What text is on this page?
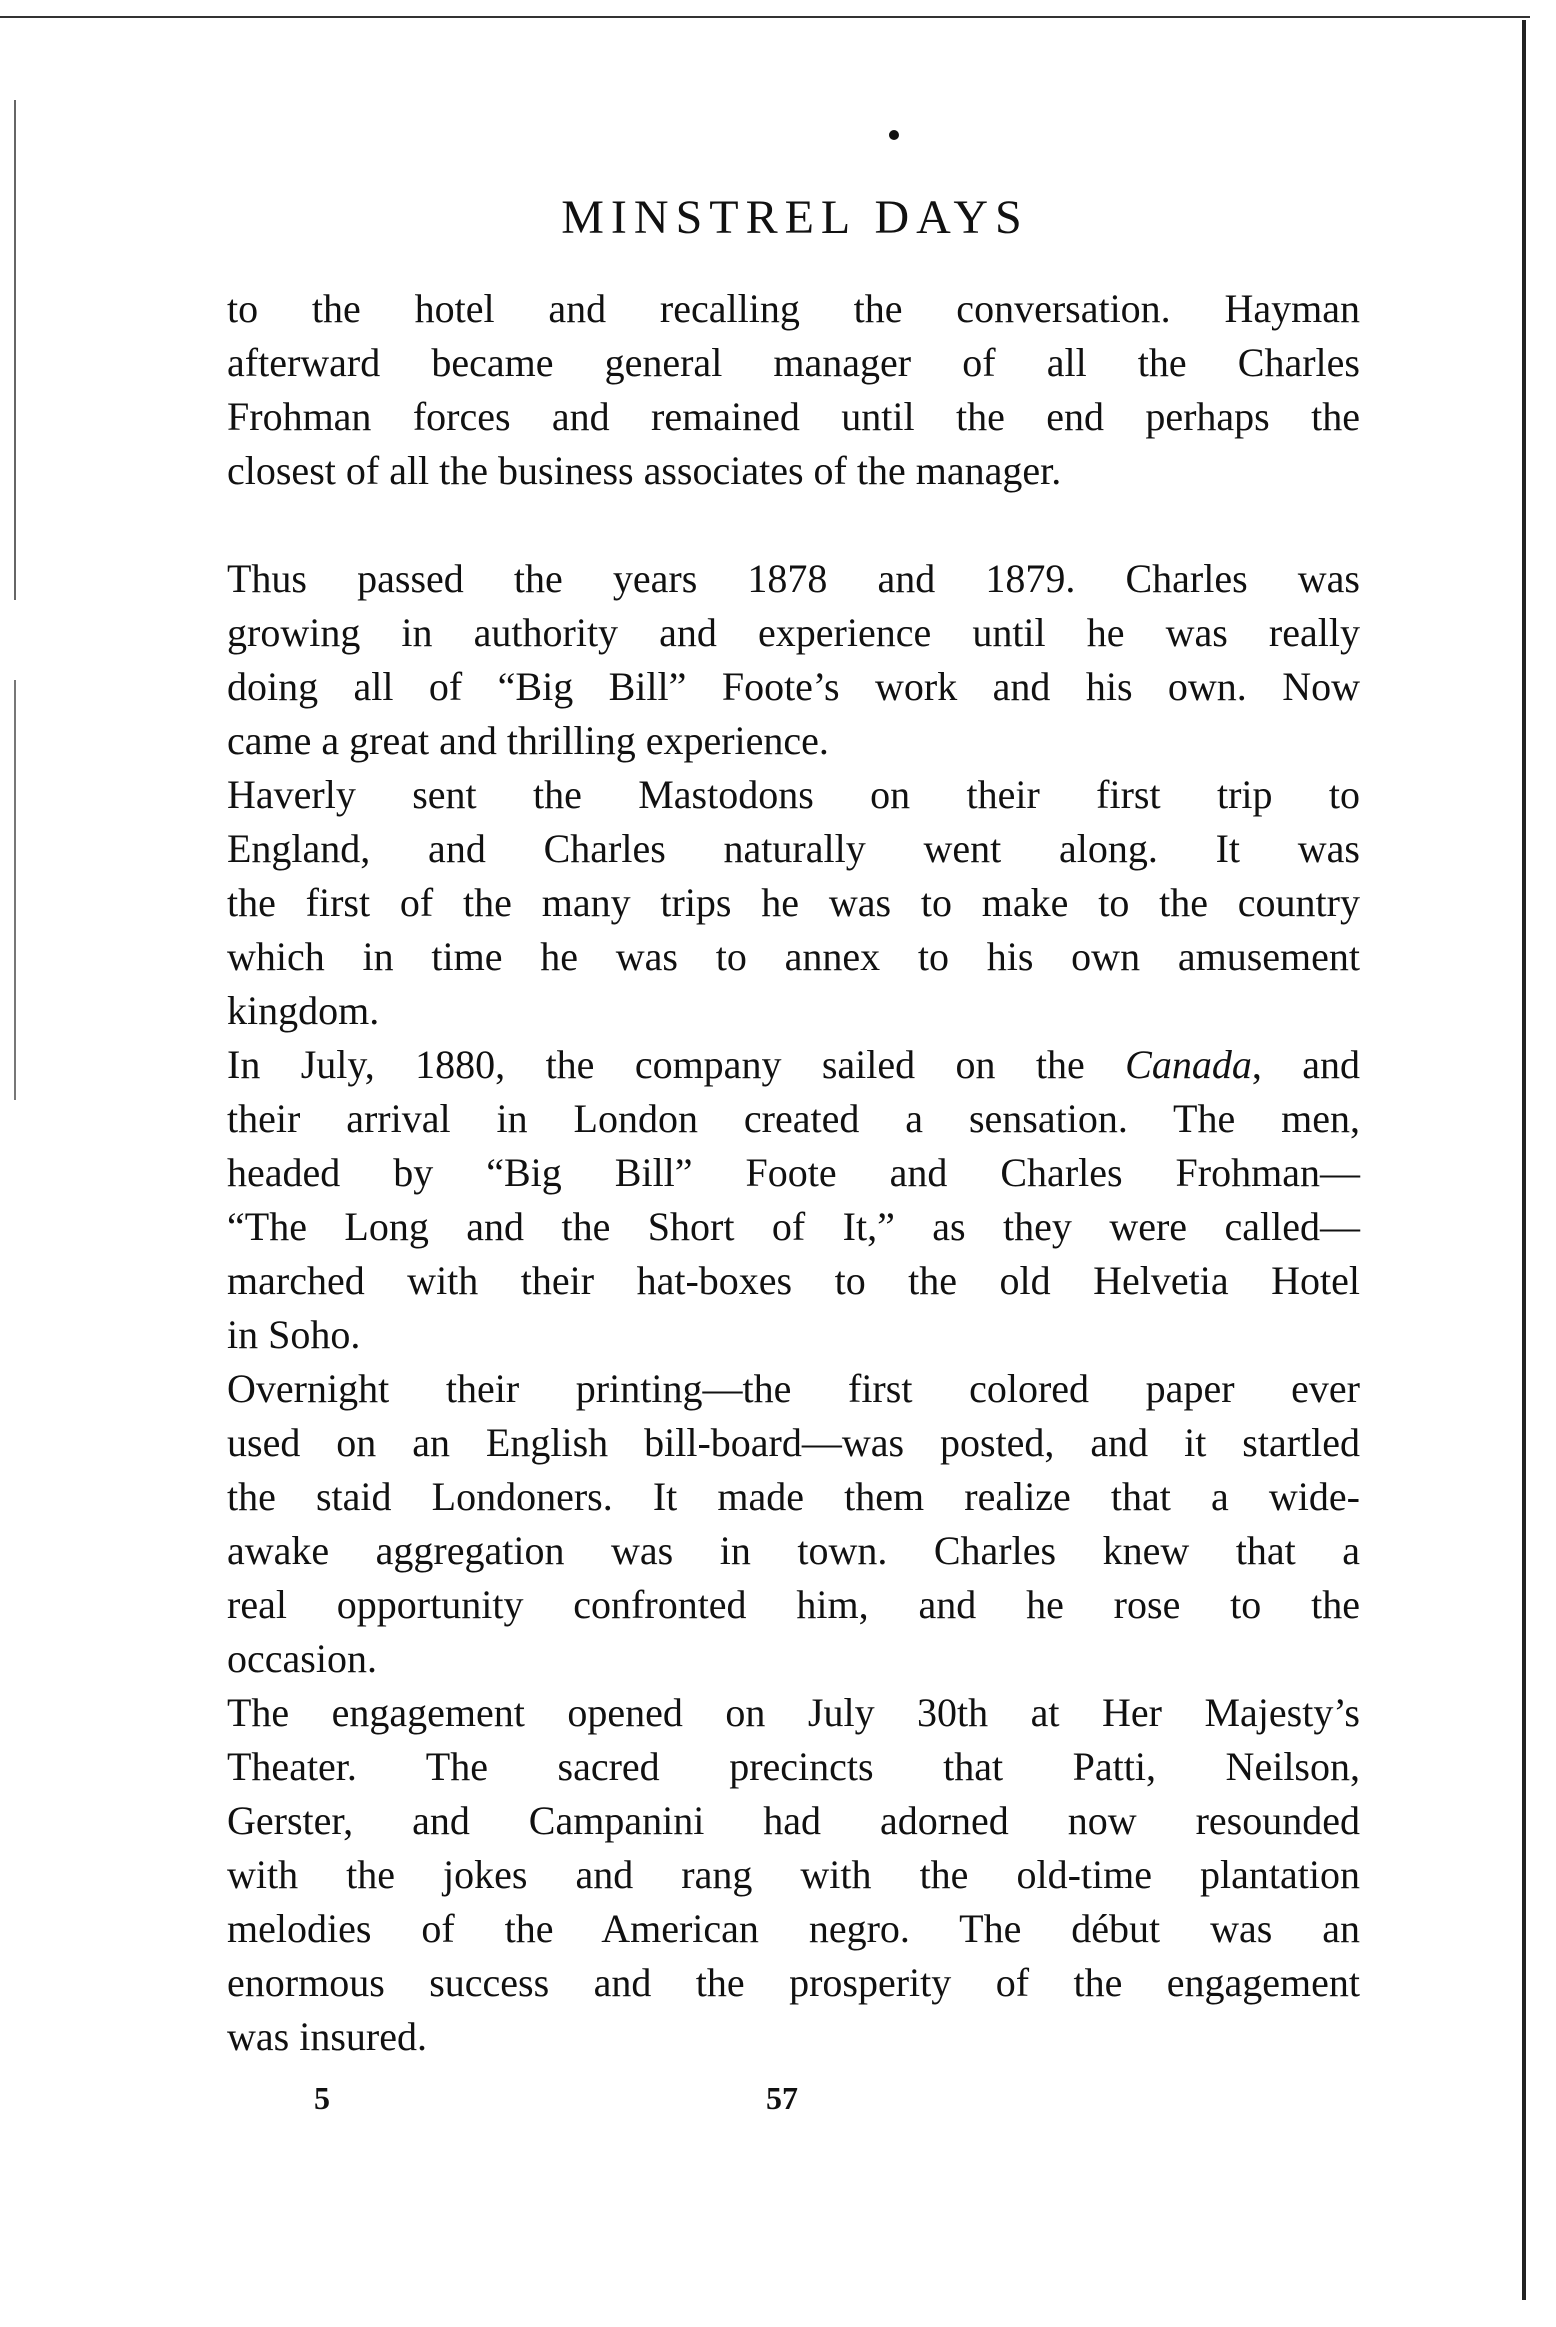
MINSTREL DAYS
to the hotel and recalling the conversation. Hayman
afterward became general manager of all the Charles
Frohman forces and remained until the end perhaps the
closest of all the business associates of the manager.
Thus passed the years 1878 and 1879. Charles was
growing in authority and experience until he was really
doing all of “Big Bill” Foote’s work and his own. Now
came a great and thrilling experience.
Haverly sent the Mastodons on their first trip to
England, and Charles naturally went along. It was
the first of the many trips he was to make to the country
which in time he was to annex to his own amusement
kingdom.
In July, 1880, the company sailed on the Canada, and
their arrival in London created a sensation. The men,
headed by “Big Bill” Foote and Charles Frohman—
“The Long and the Short of It,” as they were called—
marched with their hat-boxes to the old Helvetia Hotel
in Soho.
Overnight their printing—the first colored paper ever
used on an English bill-board—was posted, and it startled
the staid Londoners. It made them realize that a wide-
awake aggregation was in town. Charles knew that a
real opportunity confronted him, and he rose to the
occasion.
The engagement opened on July 30th at Her Majesty’s
Theater. The sacred precincts that Patti, Neilson,
Gerster, and Campanini had adorned now resounded
with the jokes and rang with the old-time plantation
melodies of the American negro. The début was an
enormous success and the prosperity of the engagement
was insured.
5	57
